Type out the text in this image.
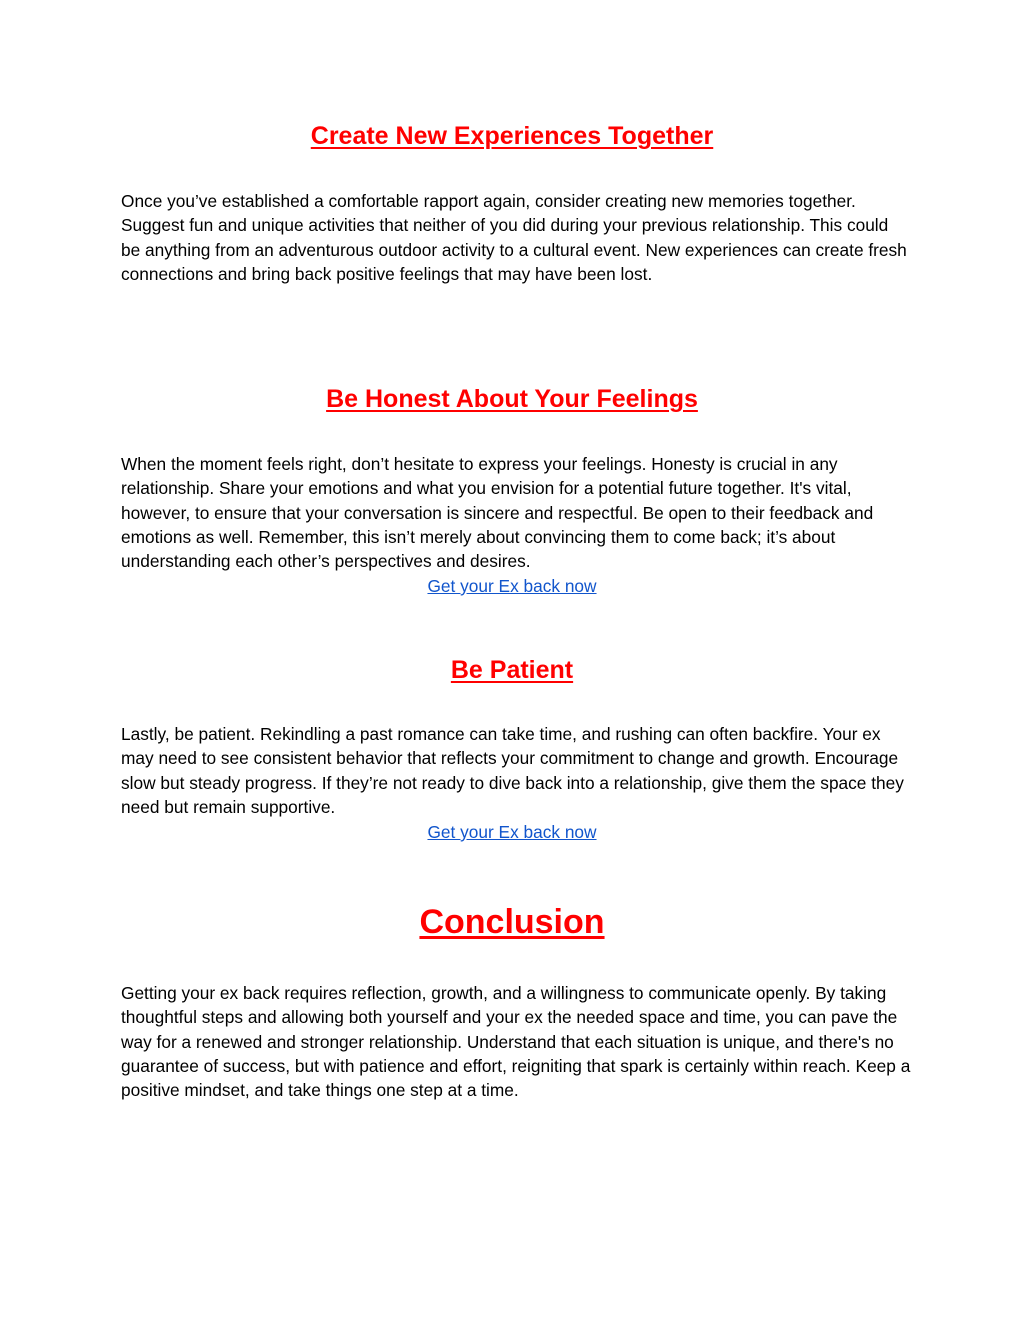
Create New Experiences Together

Once you’ve established a comfortable rapport again, consider creating new memories together. Suggest fun and unique activities that neither of you did during your previous relationship. This could be anything from an adventurous outdoor activity to a cultural event. New experiences can create fresh connections and bring back positive feelings that may have been lost.

Be Honest About Your Feelings

When the moment feels right, don’t hesitate to express your feelings. Honesty is crucial in any relationship. Share your emotions and what you envision for a potential future together. It's vital, however, to ensure that your conversation is sincere and respectful. Be open to their feedback and emotions as well. Remember, this isn’t merely about convincing them to come back; it’s about understanding each other’s perspectives and desires.

Get your Ex back now
Be Patient

Lastly, be patient. Rekindling a past romance can take time, and rushing can often backfire. Your ex may need to see consistent behavior that reflects your commitment to change and growth. Encourage slow but steady progress. If they’re not ready to dive back into a relationship, give them the space they need but remain supportive.

Get your Ex back now
Conclusion

Getting your ex back requires reflection, growth, and a willingness to communicate openly. By taking thoughtful steps and allowing both yourself and your ex the needed space and time, you can pave the way for a renewed and stronger relationship. Understand that each situation is unique, and there's no guarantee of success, but with patience and effort, reigniting that spark is certainly within reach. Keep a positive mindset, and take things one step at a time.
